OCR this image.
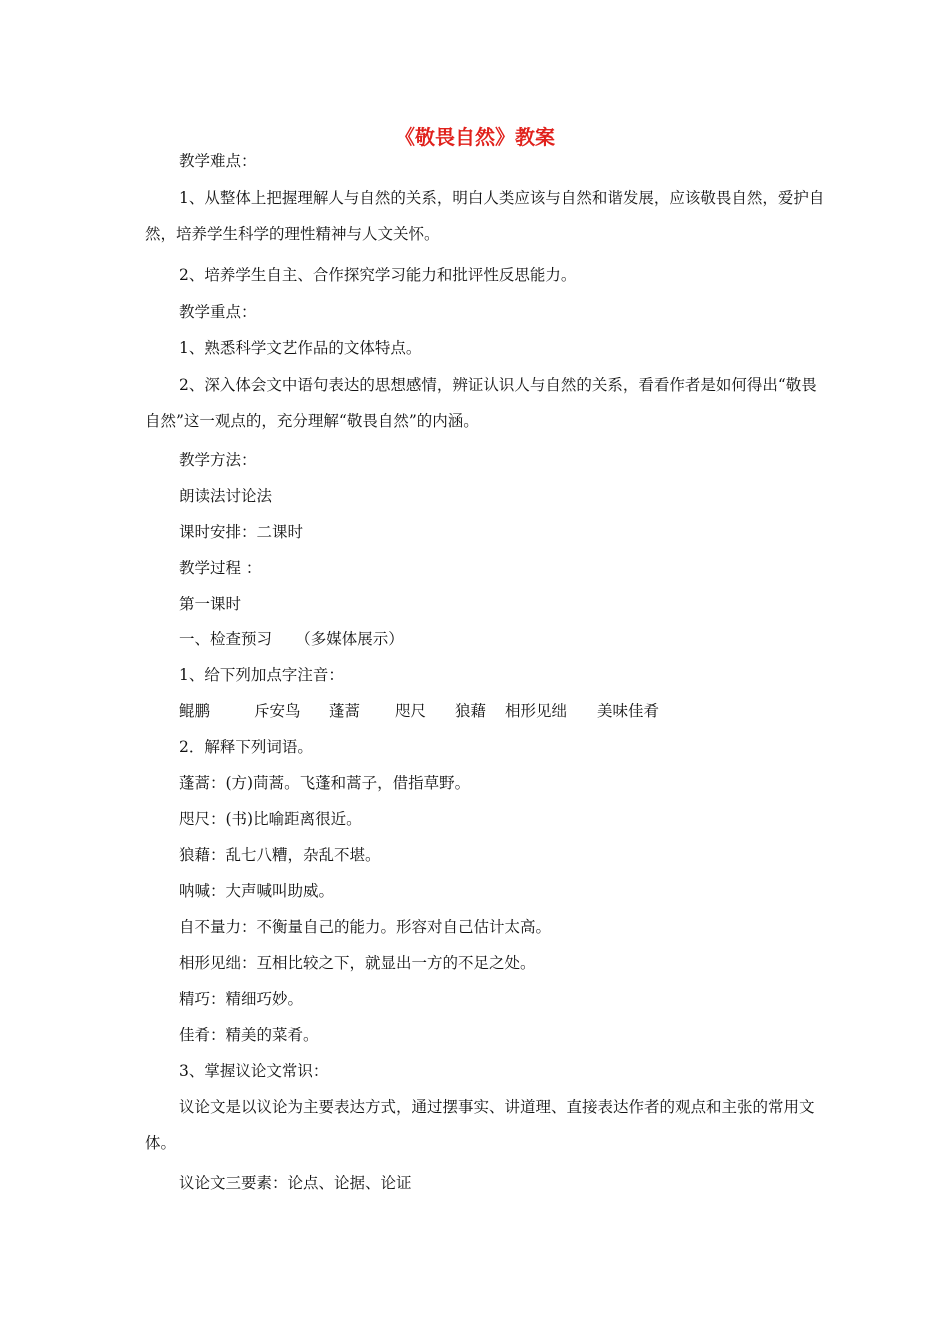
《敬畏自然》教案

教学难点：

1、从整体上把握理解人与自然的关系，明白人类应该与自然和谐发展，应该敬畏自然，爱护自然，培养学生科学的理性精神与人文关怀。

2、培养学生自主、合作探究学习能力和批评性反思能力。

教学重点：

1、熟悉科学文艺作品的文体特点。

2、深入体会文中语句表达的思想感情，辨证认识人与自然的关系，看看作者是如何得出“敬畏自然”这一观点的，充分理解“敬畏自然”的内涵。

教学方法：

朗读法讨论法

课时安排：二课时

教学过程 ：

第一课时

一、检查预习　　（多媒体展示）

1、给下列加点字注音：

鲲鹏	斥安鸟 蓬蒿 咫尺 狼藉 相形见绌 美味佳肴

2．解释下列词语。

蓬蒿：(方)茼蒿。飞蓬和蒿子，借指草野。

咫尺：(书)比喻距离很近。

狼藉：乱七八糟，杂乱不堪。

呐喊：大声喊叫助威。

自不量力：不衡量自己的能力。形容对自己估计太高。

相形见绌：互相比较之下，就显出一方的不足之处。

精巧：精细巧妙。

佳肴：精美的菜肴。

3、掌握议论文常识：

议论文是以议论为主要表达方式，通过摆事实、讲道理、直接表达作者的观点和主张的常用文体。

议论文三要素：论点、论据、论证
